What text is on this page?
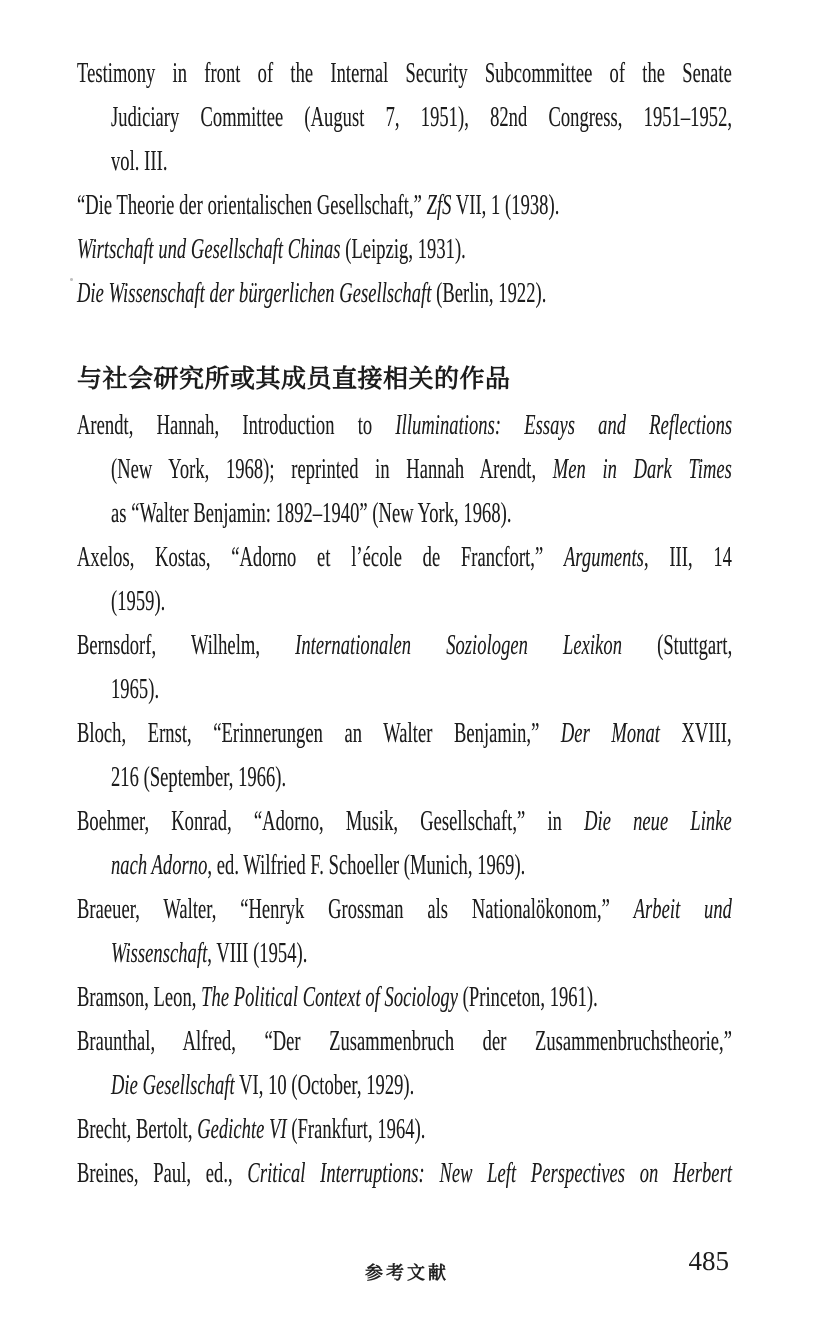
Testimony in front of the Internal Security Subcommittee of the Senate
Judiciary Committee (August 7, 1951), 82nd Congress, 1951–1952,
vol. III.
“Die Theorie der orientalischen Gesellschaft,” ZfS VII, 1 (1938).
Wirtschaft und Gesellschaft Chinas (Leipzig, 1931).
Die Wissenschaft der bürgerlichen Gesellschaft (Berlin, 1922).
与社会研究所或其成员直接相关的作品
Arendt, Hannah, Introduction to Illuminations: Essays and Reflections
(New York, 1968); reprinted in Hannah Arendt, Men in Dark Times
as “Walter Benjamin: 1892–1940” (New York, 1968).
Axelos, Kostas, “Adorno et l’école de Francfort,” Arguments, III, 14
(1959).
Bernsdorf, Wilhelm, Internationalen Soziologen Lexikon (Stuttgart,
1965).
Bloch, Ernst, “Erinnerungen an Walter Benjamin,” Der Monat XVIII,
216 (September, 1966).
Boehmer, Konrad, “Adorno, Musik, Gesellschaft,” in Die neue Linke
nach Adorno, ed. Wilfried F. Schoeller (Munich, 1969).
Braeuer, Walter, “Henryk Grossman als Nationalökonom,” Arbeit und
Wissenschaft, VIII (1954).
Bramson, Leon, The Political Context of Sociology (Princeton, 1961).
Braunthal, Alfred, “Der Zusammenbruch der Zusammenbruchstheorie,”
Die Gesellschaft VI, 10 (October, 1929).
Brecht, Bertolt, Gedichte VI (Frankfurt, 1964).
Breines, Paul, ed., Critical Interruptions: New Left Perspectives on Herbert
参考文献	485
